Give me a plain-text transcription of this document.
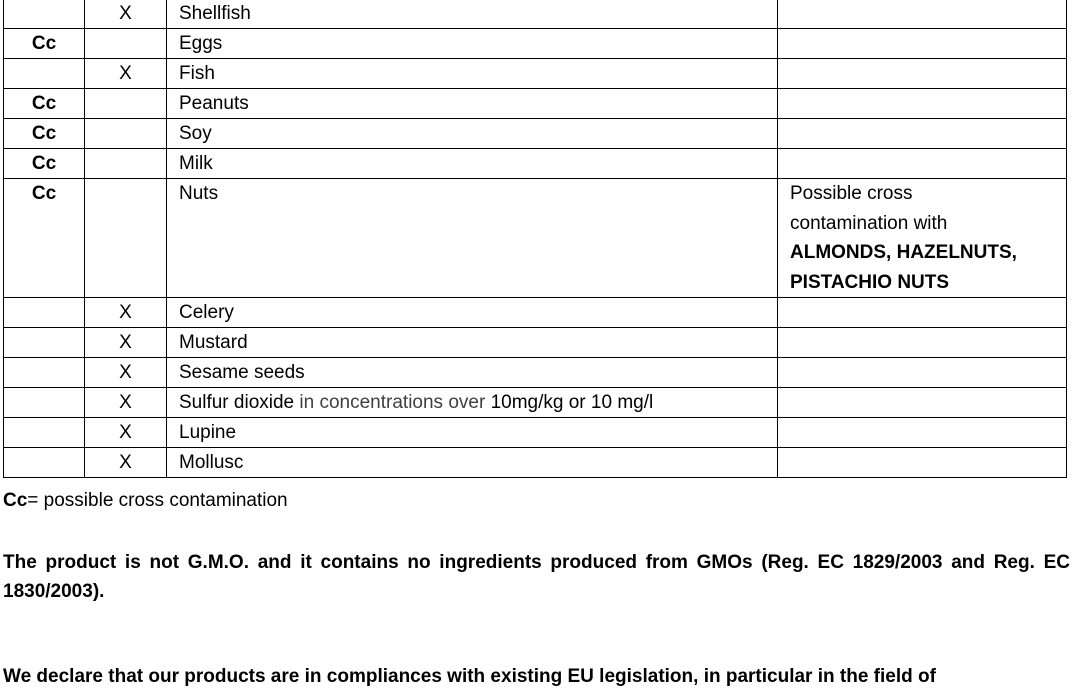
	X	Shellfish	
Cc		Eggs	
	X	Fish	
Cc		Peanuts	
Cc		Soy	
Cc		Milk	
Cc		Nuts	Possible cross
contamination with
ALMONDS, HAZELNUTS,
PISTACHIO NUTS

	X	Celery	
	X	Mustard	
	X	Sesame seeds	
	X	Sulfur dioxide in concentrations over 10mg/kg or 10 mg/l	
	X	Lupine	
	X	Mollusc	
Cc= possible cross contamination
The product is not G.M.O. and it contains no ingredients produced from GMOs (Reg. EC 1829/2003 and Reg. EC 1830/2003).
We declare that our products are in compliances with existing EU legislation, in particular in the field of
